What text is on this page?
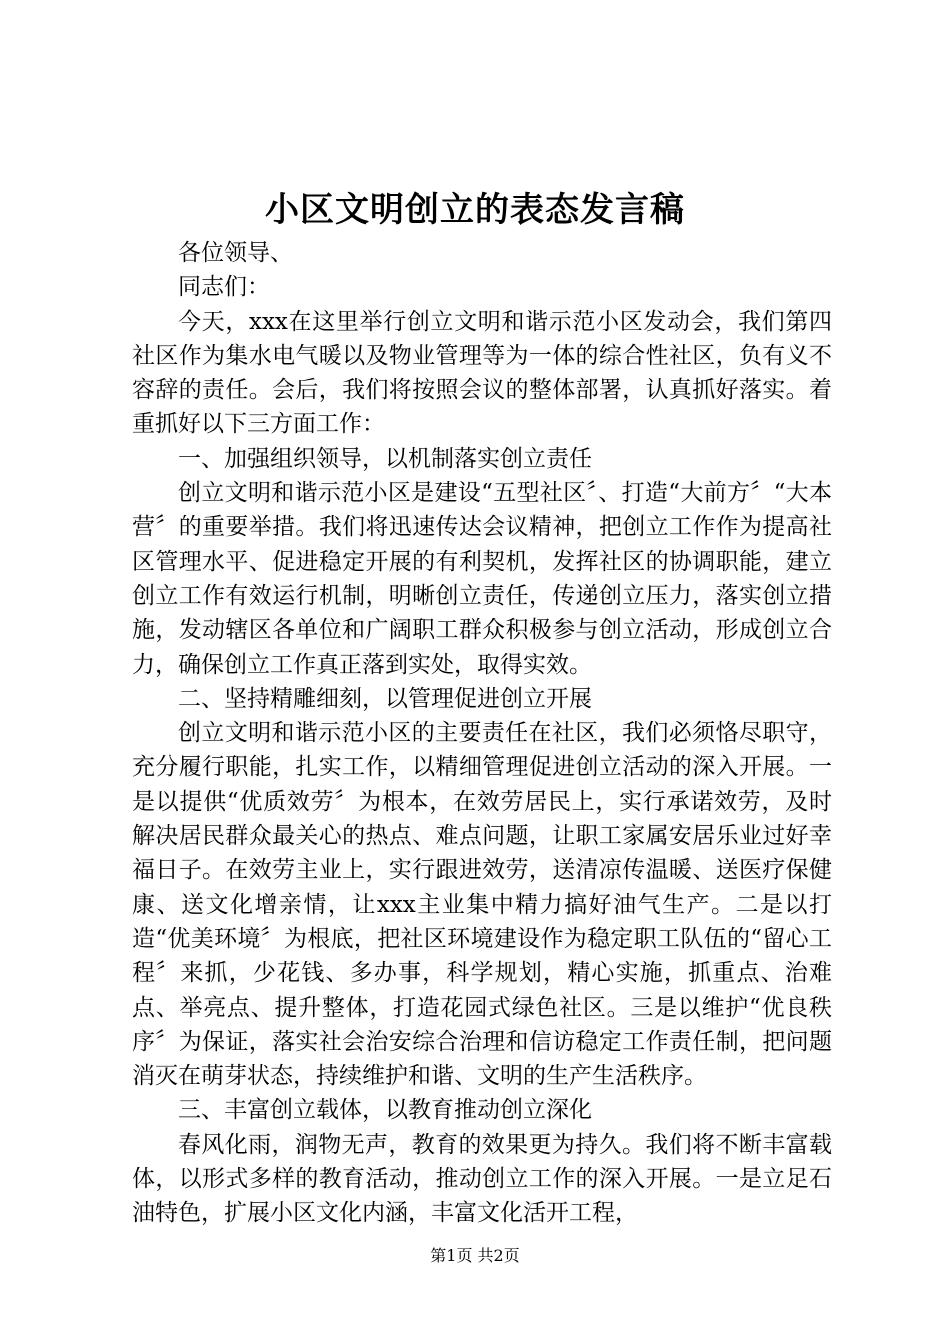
小区文明创立的表态发言稿

各位领导、

同志们：

今天，xxx在这里举行创立文明和谐示范小区发动会，我们第四社区作为集水电气暖以及物业管理等为一体的综合性社区，负有义不容辞的责任。会后，我们将按照会议的整体部署，认真抓好落实。着重抓好以下三方面工作：

一、加强组织领导，以机制落实创立责任

创立文明和谐示范小区是建设“五型社区〞、打造“大前方〞“大本营〞的重要举措。我们将迅速传达会议精神，把创立工作作为提高社区管理水平、促进稳定开展的有利契机，发挥社区的协调职能，建立创立工作有效运行机制，明晰创立责任，传递创立压力，落实创立措施，发动辖区各单位和广阔职工群众积极参与创立活动，形成创立合力，确保创立工作真正落到实处，取得实效。

二、坚持精雕细刻，以管理促进创立开展

创立文明和谐示范小区的主要责任在社区，我们必须恪尽职守，充分履行职能，扎实工作，以精细管理促进创立活动的深入开展。一是以提供“优质效劳〞为根本，在效劳居民上，实行承诺效劳，及时解决居民群众最关心的热点、难点问题，让职工家属安居乐业过好幸福日子。在效劳主业上，实行跟进效劳，送清凉传温暖、送医疗保健康、送文化增亲情，让xxx主业集中精力搞好油气生产。二是以打造“优美环境〞为根底，把社区环境建设作为稳定职工队伍的“留心工程〞来抓，少花钱、多办事，科学规划，精心实施，抓重点、治难点、举亮点、提升整体，打造花园式绿色社区。三是以维护“优良秩序〞为保证，落实社会治安综合治理和信访稳定工作责任制，把问题消灭在萌芽状态，持续维护和谐、文明的生产生活秩序。

三、丰富创立载体，以教育推动创立深化

春风化雨，润物无声，教育的效果更为持久。我们将不断丰富载体，以形式多样的教育活动，推动创立工作的深入开展。一是立足石油特色，扩展小区文化内涵，丰富文化活开工程，

第1页 共2页
